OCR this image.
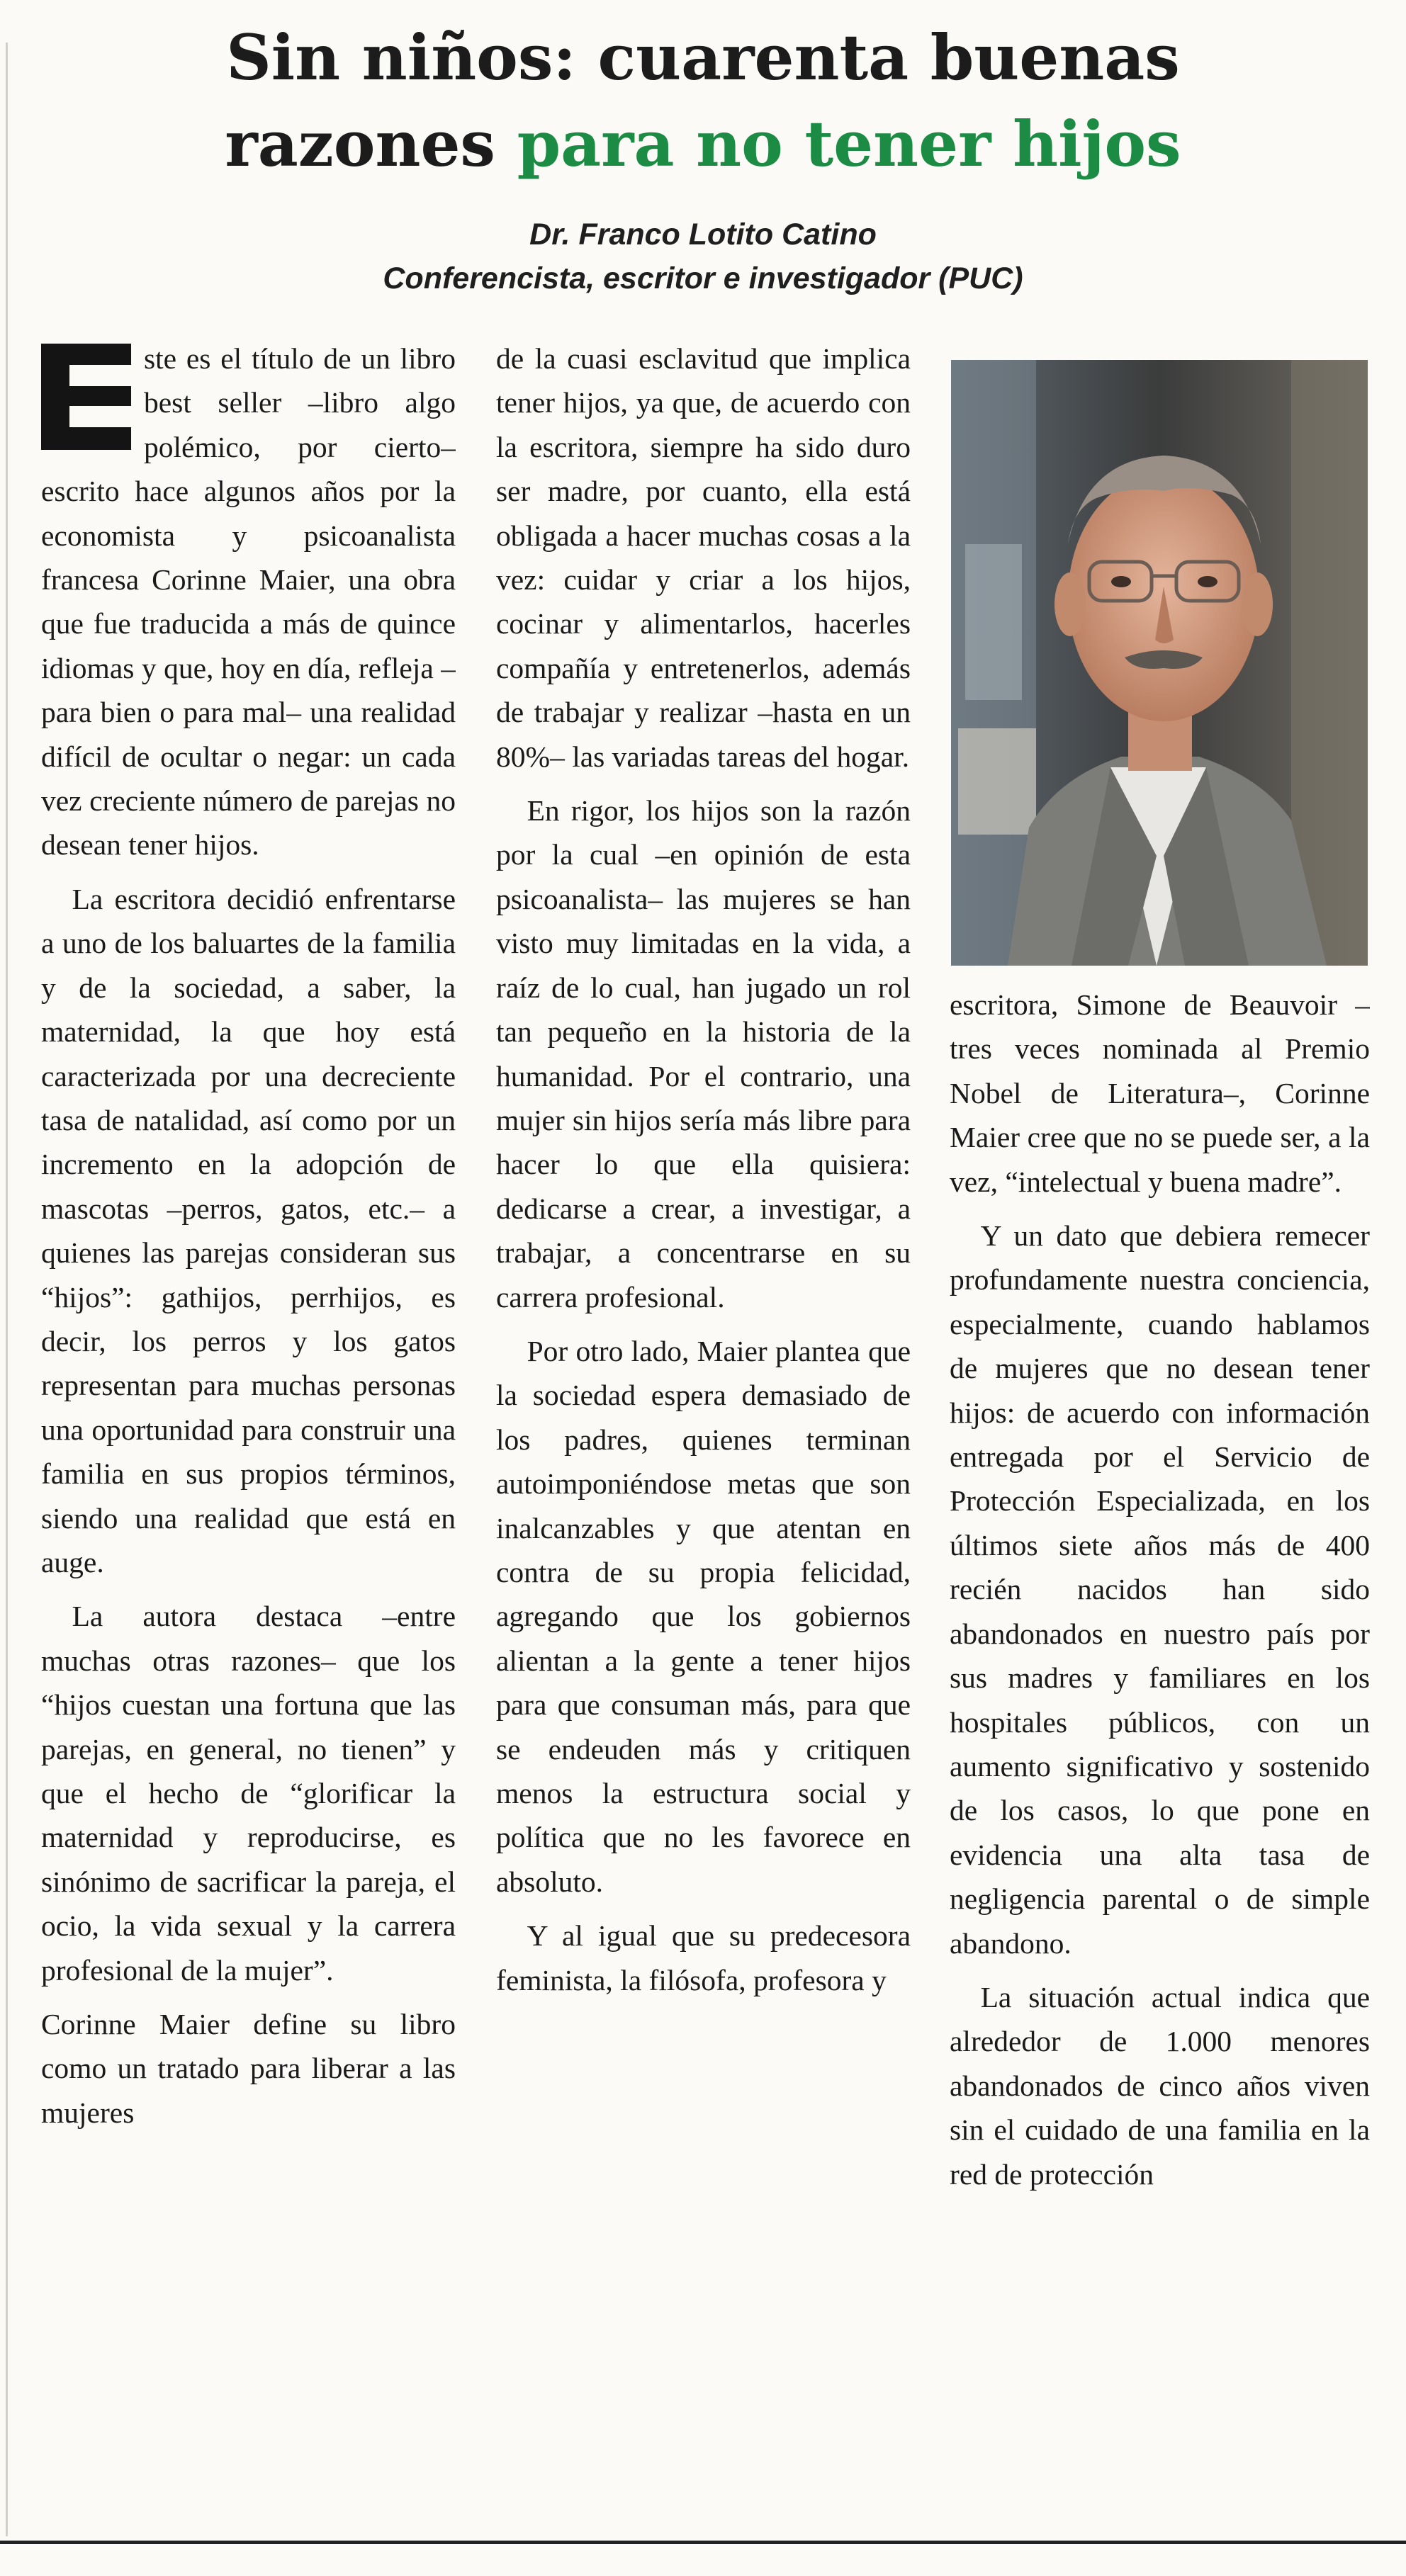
Sin niños: cuarenta buenas
razones para no tener hijos
Dr. Franco Lotito Catino
Conferencista, escritor e investigador (PUC)

E
ste es el título de un libro best seller –libro algo polémico, por cierto– escrito hace algunos años por la economista y psicoanalista francesa Corinne Maier, una obra que fue traducida a más de quince idiomas y que, hoy en día, refleja –para bien o para mal– una realidad difícil de ocultar o negar: un cada vez creciente número de parejas no desean tener hijos.

La escritora decidió enfrentarse a uno de los baluartes de la familia y de la sociedad, a saber, la maternidad, la que hoy está caracterizada por una decreciente tasa de natalidad, así como por un incremento en la adopción de mascotas –perros, gatos, etc.– a quienes las parejas consideran sus “hijos”: gathijos, perrhijos, es decir, los perros y los gatos representan para muchas personas una oportunidad para construir una familia en sus propios términos, siendo una realidad que está en auge.

La autora destaca –entre muchas otras razones– que los “hijos cuestan una fortuna que las parejas, en general, no tienen” y que el hecho de “glorificar la maternidad y reproducirse, es sinónimo de sacrificar la pareja, el ocio, la vida sexual y la carrera profesional de la mujer”.

Corinne Maier define su libro como un tratado para liberar a las mujeres

de la cuasi esclavitud que implica tener hijos, ya que, de acuerdo con la escritora, siempre ha sido duro ser madre, por cuanto, ella está obligada a hacer muchas cosas a la vez: cuidar y criar a los hijos, cocinar y alimentarlos, hacerles compañía y entretenerlos, además de trabajar y realizar –hasta en un 80%– las variadas tareas del hogar.

En rigor, los hijos son la razón por la cual –en opinión de esta psicoanalista– las mujeres se han visto muy limitadas en la vida, a raíz de lo cual, han jugado un rol tan pequeño en la historia de la humanidad. Por el contrario, una mujer sin hijos sería más libre para hacer lo que ella quisiera: dedicarse a crear, a investigar, a trabajar, a concentrarse en su carrera profesional.

Por otro lado, Maier plantea que la sociedad espera demasiado de los padres, quienes terminan autoimponiéndose metas que son inalcanzables y que atentan en contra de su propia felicidad, agregando que los gobiernos alientan a la gente a tener hijos para que consuman más, para que se endeuden más y critiquen menos la estructura social y política que no les favorece en absoluto.

Y al igual que su predecesora feminista, la filósofa, profesora y

escritora, Simone de Beauvoir –tres veces nominada al Premio Nobel de Literatura–, Corinne Maier cree que no se puede ser, a la vez, “intelectual y buena madre”.

Y un dato que debiera remecer profundamente nuestra conciencia, especialmente, cuando hablamos de mujeres que no desean tener hijos: de acuerdo con información entregada por el Servicio de Protección Especializada, en los últimos siete años más de 400 recién nacidos han sido abandonados en nuestro país por sus madres y familiares en los hospitales públicos, con un aumento significativo y sostenido de los casos, lo que pone en evidencia una alta tasa de negligencia parental o de simple abandono.

La situación actual indica que alrededor de 1.000 menores abandonados de cinco años viven sin el cuidado de una familia en la red de protección
